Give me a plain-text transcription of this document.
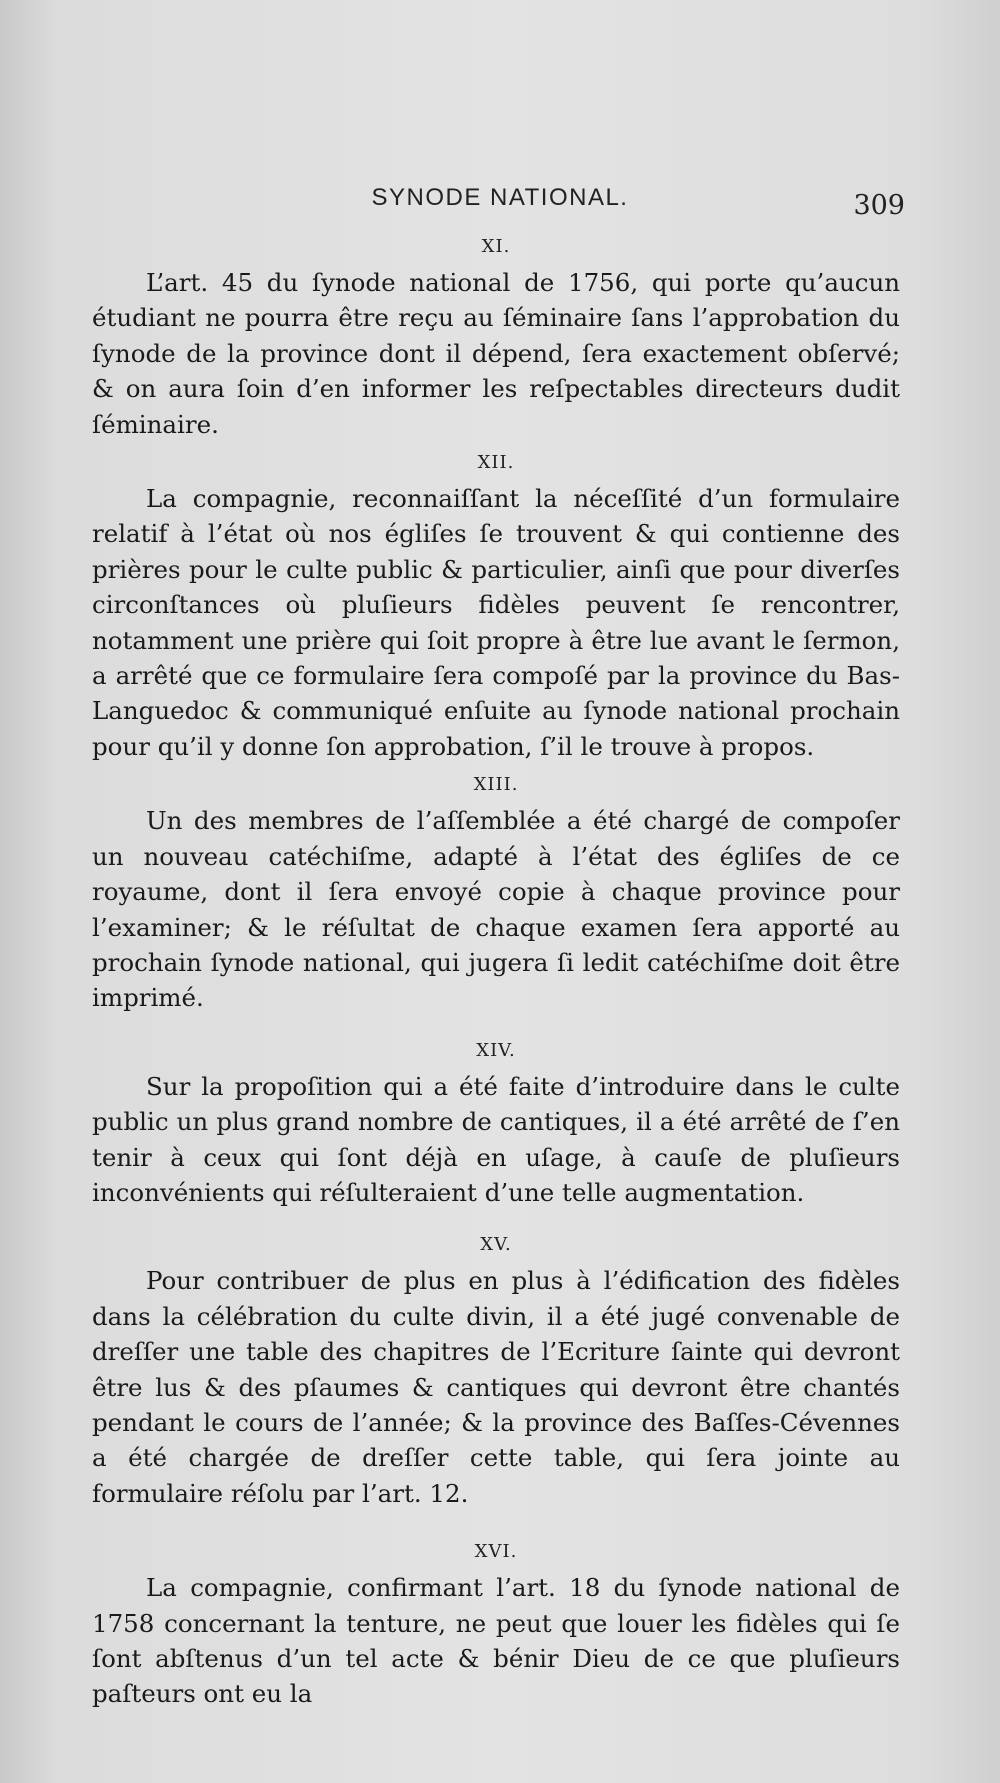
SYNODE NATIONAL.	309
XI.

L’art. 45 du ſynode national de 1756, qui porte qu’aucun étudiant ne pourra être reçu au ſéminaire ſans l’approbation du ſynode de la province dont il dépend, ſera exactement obſervé; & on aura ſoin d’en informer les reſpectables directeurs dudit ſéminaire.

XII.

La compagnie, reconnaiſſant la néceſſité d’un formulaire relatif à l’état où nos égliſes ſe trouvent & qui contienne des prières pour le culte public & particulier, ainſi que pour diverſes circonſtances où pluſieurs fidèles peuvent ſe rencontrer, notamment une prière qui ſoit propre à être lue avant le ſermon, a arrêté que ce formulaire ſera compoſé par la province du Bas-Languedoc & communiqué enſuite au ſynode national prochain pour qu’il y donne ſon approbation, ſ’il le trouve à propos.

XIII.

Un des membres de l’aſſemblée a été chargé de compoſer un nouveau catéchiſme, adapté à l’état des égliſes de ce royaume, dont il ſera envoyé copie à chaque province pour l’examiner; & le réſultat de chaque examen ſera apporté au prochain ſynode national, qui jugera ſi ledit catéchiſme doit être imprimé.

XIV.

Sur la propoſition qui a été faite d’introduire dans le culte public un plus grand nombre de cantiques, il a été arrêté de ſ’en tenir à ceux qui ſont déjà en uſage, à cauſe de pluſieurs inconvénients qui réſulteraient d’une telle augmentation.

XV.

Pour contribuer de plus en plus à l’édification des fidèles dans la célébration du culte divin, il a été jugé convenable de dreſſer une table des chapitres de l’Ecriture ſainte qui devront être lus & des pſaumes & cantiques qui devront être chantés pendant le cours de l’année; & la province des Baſſes-Cévennes a été chargée de dreſſer cette table, qui ſera jointe au formulaire réſolu par l’art. 12.

XVI.

La compagnie, confirmant l’art. 18 du ſynode national de 1758 concernant la tenture, ne peut que louer les fidèles qui ſe ſont abſtenus d’un tel acte & bénir Dieu de ce que pluſieurs paſteurs ont eu la
